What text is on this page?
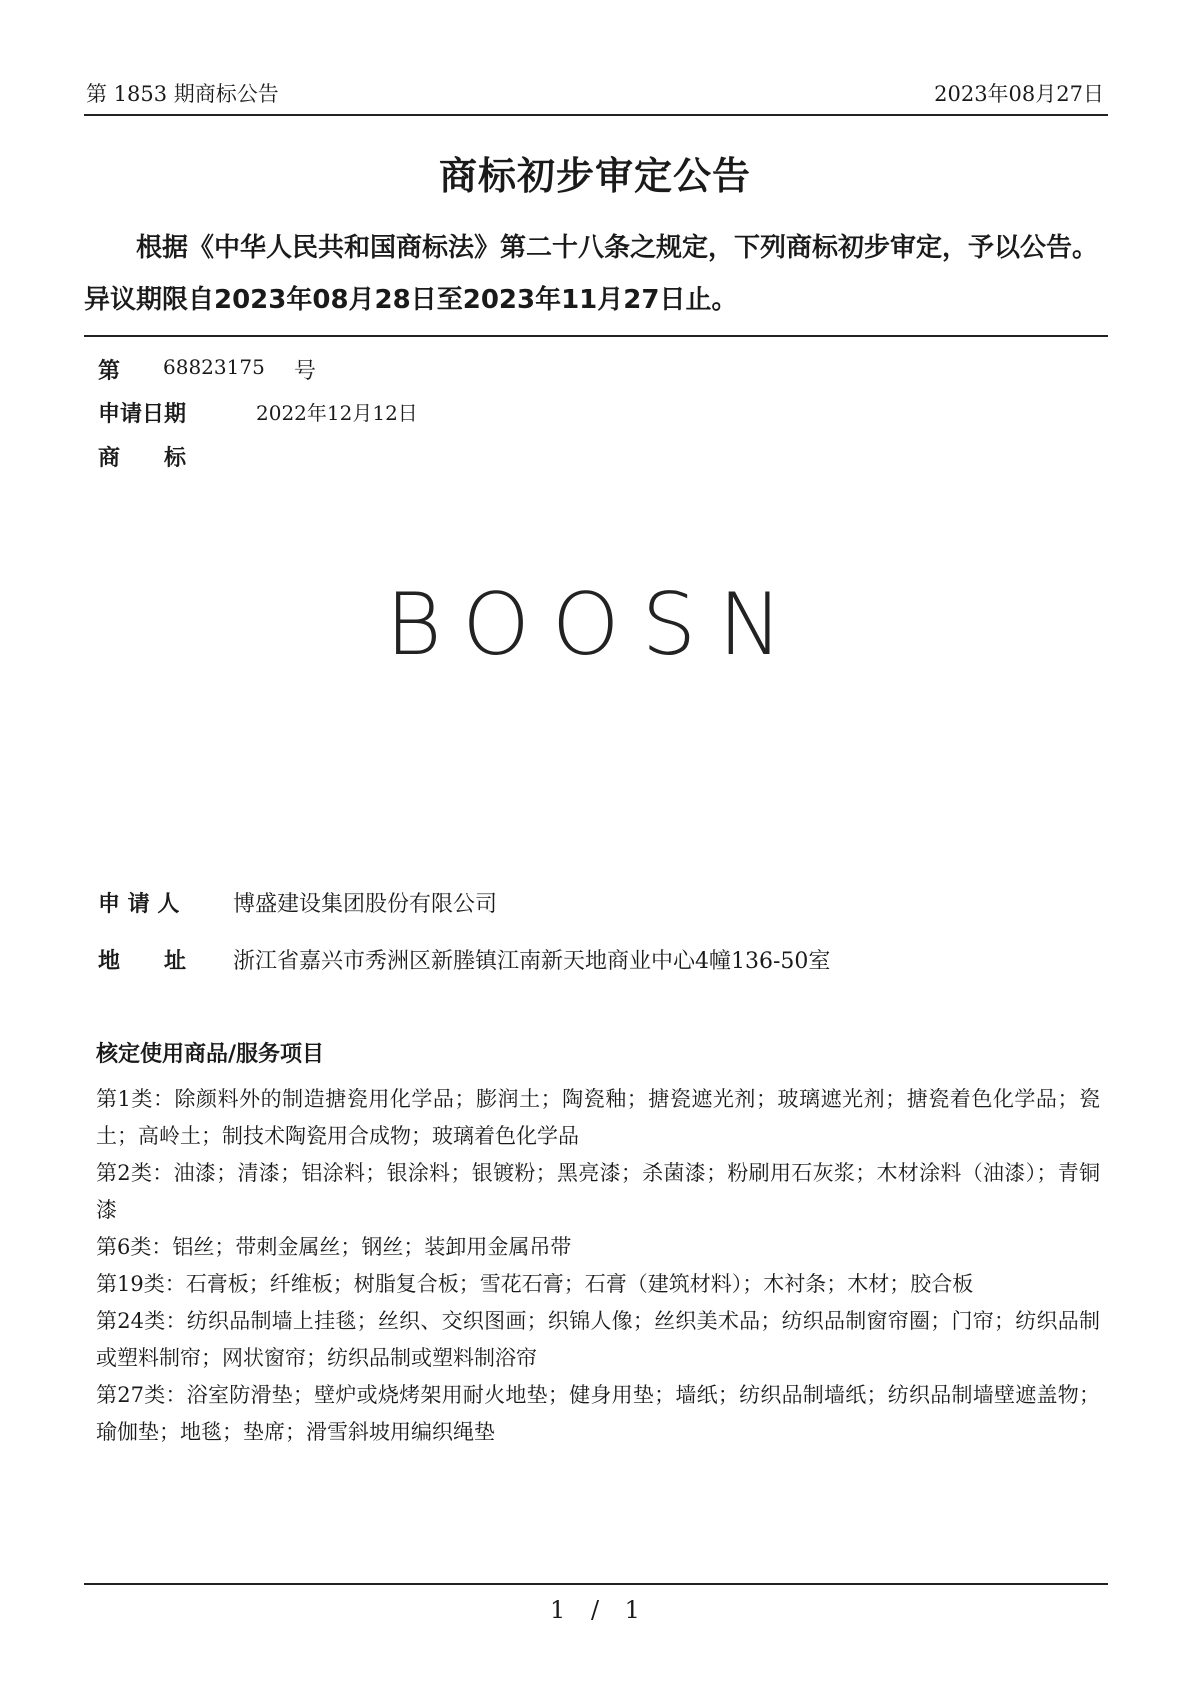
第 1853 期商标公告	2023年08月27日
商标初步审定公告
根据《中华人民共和国商标法》第二十八条之规定，下列商标初步审定，予以公告。异议期限自2023年08月28日至2023年11月27日止。
第 68823175 号
申请日期	2022年12月12日
商　　标
BOOSN
申 请 人 博盛建设集团股份有限公司
地　　址 浙江省嘉兴市秀洲区新塍镇江南新天地商业中心4幢136-50室
核定使用商品/服务项目

第1类：除颜料外的制造搪瓷用化学品；膨润土；陶瓷釉；搪瓷遮光剂；玻璃遮光剂；搪瓷着色化学品；瓷土；高岭土；制技术陶瓷用合成物；玻璃着色化学品

第2类：油漆；清漆；铝涂料；银涂料；银镀粉；黑亮漆；杀菌漆；粉刷用石灰浆；木材涂料（油漆）；青铜漆

第6类：铝丝；带刺金属丝；钢丝；装卸用金属吊带

第19类：石膏板；纤维板；树脂复合板；雪花石膏；石膏（建筑材料）；木衬条；木材；胶合板

第24类：纺织品制墙上挂毯；丝织、交织图画；织锦人像；丝织美术品；纺织品制窗帘圈；门帘；纺织品制或塑料制帘；网状窗帘；纺织品制或塑料制浴帘

第27类：浴室防滑垫；壁炉或烧烤架用耐火地垫；健身用垫；墙纸；纺织品制墙纸；纺织品制墙壁遮盖物；瑜伽垫；地毯；垫席；滑雪斜坡用编织绳垫

1 / 1
